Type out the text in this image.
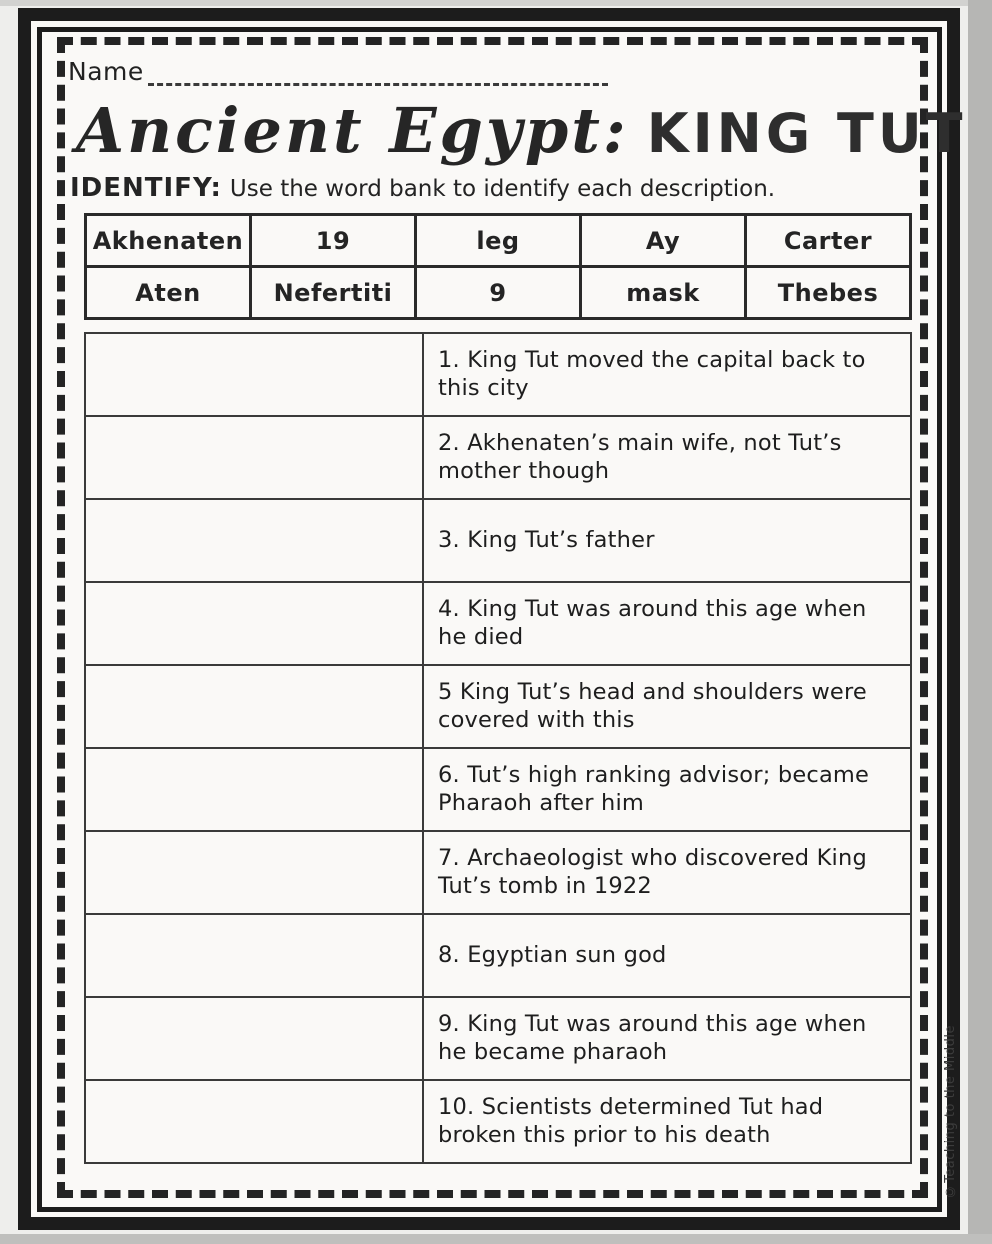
Name
Ancient Egypt: KING TUT
IDENTIFY: Use the word bank to identify each description.
Akhenaten	19	leg	Ay	Carter
Aten	Nefertiti	9	mask	Thebes
	1. King Tut moved the capital back to this city
	2. Akhenaten’s main wife, not Tut’s mother though
	3. King Tut’s father
	4. King Tut was around this age when he died
	5 King Tut’s head and shoulders were covered with this
	6. Tut’s high ranking advisor; became Pharaoh after him
	7. Archaeologist who discovered King Tut’s tomb in 1922
	8. Egyptian sun god
	9. King Tut was around this age when he became pharaoh
	10. Scientists determined Tut had broken this prior to his death	©Teaching to the Middle
